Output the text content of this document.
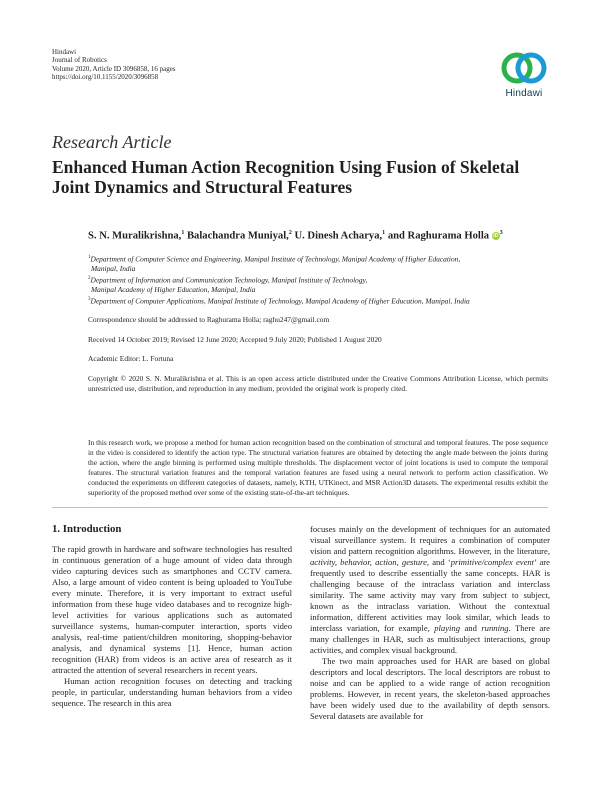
Hindawi
Journal of Robotics
Volume 2020, Article ID 3096858, 16 pages
https://doi.org/10.1155/2020/3096858
Hindawi
Research Article
Enhanced Human Action Recognition Using Fusion of Skeletal Joint Dynamics and Structural Features
S. N. Muralikrishna,$^1$ Balachandra Muniyal,$^2$ U. Dinesh Acharya,$^1$ and Raghurama Holla $iD^3$
$^1$Department of Computer Science and Engineering, Manipal Institute of Technology, Manipal Academy of Higher Education,
Manipal, India
$^2$Department of Information and Communication Technology, Manipal Institute of Technology,
Manipal Academy of Higher Education, Manipal, India
$^3$Department of Computer Applications, Manipal Institute of Technology, Manipal Academy of Higher Education, Manipal, India
Correspondence should be addressed to Raghurama Holla; raghu247@gmail.com
Received 14 October 2019; Revised 12 June 2020; Accepted 9 July 2020; Published 1 August 2020
Academic Editor: L. Fortuna
Copyright © 2020 S. N. Muralikrishna et al. This is an open access article distributed under the Creative Commons Attribution License, which permits unrestricted use, distribution, and reproduction in any medium, provided the original work is properly cited.
In this research work, we propose a method for human action recognition based on the combination of structural and temporal features. The pose sequence in the video is considered to identify the action type. The structural variation features are obtained by detecting the angle made between the joints during the action, where the angle binning is performed using multiple thresholds. The displacement vector of joint locations is used to compute the temporal features. The structural variation features and the temporal variation features are fused using a neural network to perform action classification. We conducted the experiments on different categories of datasets, namely, KTH, UTKinect, and MSR Action3D datasets. The experimental results exhibit the superiority of the proposed method over some of the existing state-of-the-art techniques.
1. Introduction

The rapid growth in hardware and software technologies has resulted in continuous generation of a huge amount of video data through video capturing devices such as smartphones and CCTV camera. Also, a large amount of video content is being uploaded to YouTube every minute. Therefore, it is very important to extract useful information from these huge video databases and to recognize high-level activities for various applications such as automated surveillance systems, human-computer interaction, sports video analysis, real-time patient/children monitoring, shopping-behavior analysis, and dynamical systems [1]. Hence, human action recognition (HAR) from videos is an active area of research as it attracted the attention of several researchers in recent years.

Human action recognition focuses on detecting and tracking people, in particular, understanding human behaviors from a video sequence. The research in this area

focuses mainly on the development of techniques for an automated visual surveillance system. It requires a combination of computer vision and pattern recognition algorithms. However, in the literature, activity, behavior, action, gesture, and ‘primitive/complex event’ are frequently used to describe essentially the same concepts. HAR is challenging because of the intraclass variation and interclass similarity. The same activity may vary from subject to subject, known as the intraclass variation. Without the contextual information, different activities may look similar, which leads to interclass variation, for example, playing and running. There are many challenges in HAR, such as multisubject interactions, group activities, and complex visual background.

The two main approaches used for HAR are based on global descriptors and local descriptors. The local descriptors are robust to noise and can be applied to a wide range of action recognition problems. However, in recent years, the skeleton-based approaches have been widely used due to the availability of depth sensors. Several datasets are available for
